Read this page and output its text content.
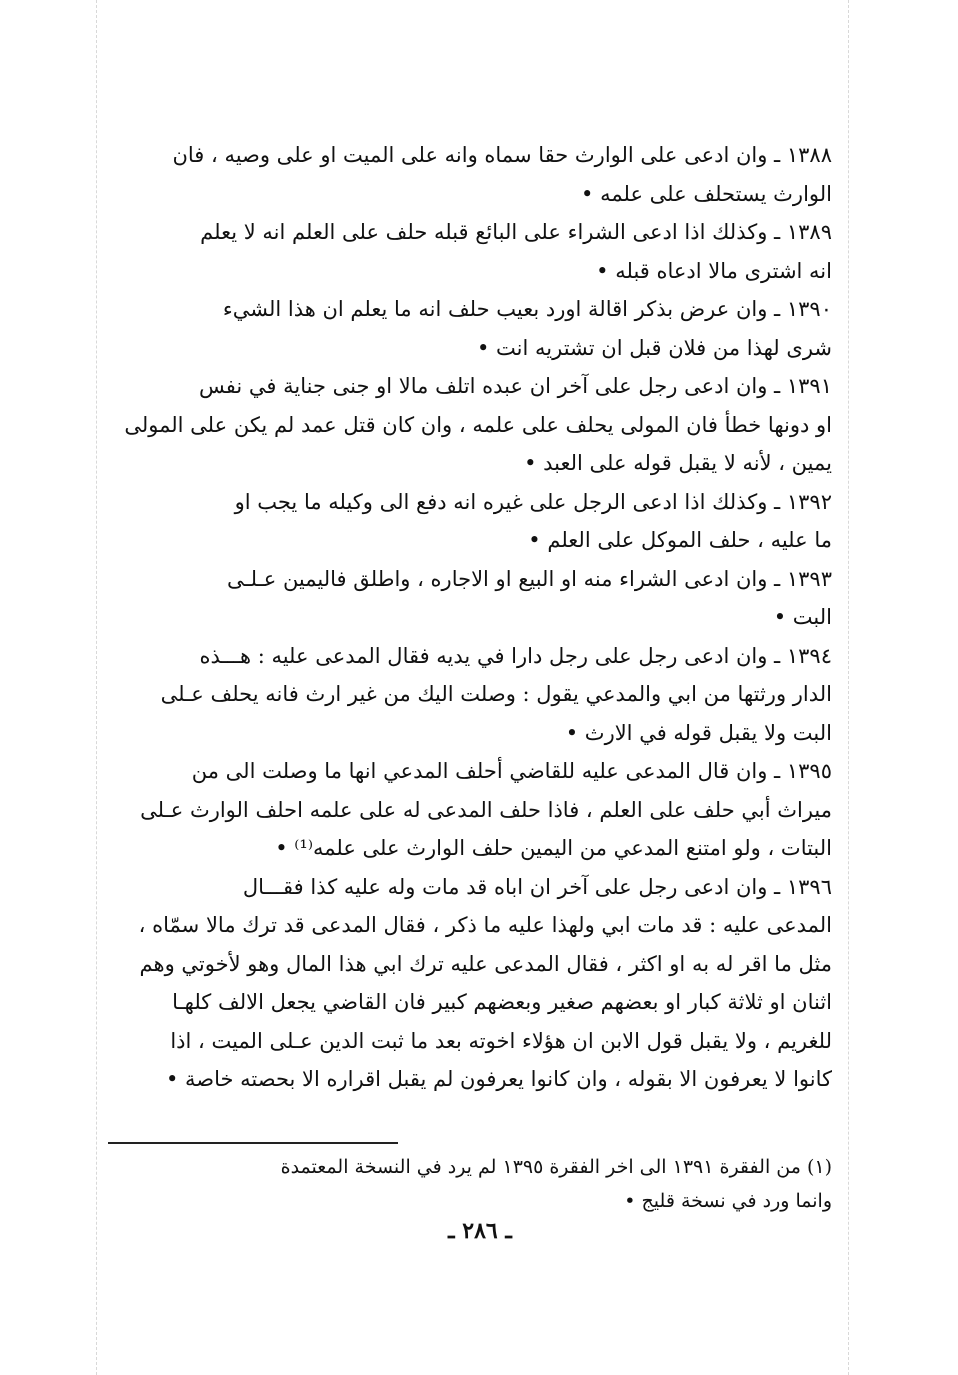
١٣٨٨ ـ وان ادعى على الوارث حقا سماه وانه على الميت او على وصيه ، فان
الوارث يستحلف على علمه •
١٣٨٩ ـ وكذلك اذا ادعى الشراء على البائع قبله حلف على العلم انه لا يعلم
انه اشترى مالا ادعاه قبله •
١٣٩٠ ـ وان عرض بذكر اقالة اورد بعيب حلف انه ما يعلم ان هذا الشيء
شرى لهذا من فلان قبل ان تشتريه انت •
١٣٩١ ـ وان ادعى رجل على آخر ان عبده اتلف مالا او جنى جناية في نفس
او دونها خطأ فان المولى يحلف على علمه ، وان كان قتل عمد لم يكن على المولى
يمين ، لأنه لا يقبل قوله على العبد •
١٣٩٢ ـ وكذلك اذا ادعى الرجل على غيره انه دفع الى وكيله ما يجب او
ما عليه ، حلف الموكل على العلم •
١٣٩٣ ـ وان ادعى الشراء منه او البيع او الاجاره ، واطلق فاليمين عـلـى
البت •
١٣٩٤ ـ وان ادعى رجل على رجل دارا في يديه فقال المدعى عليه : هـــذه
الدار ورثتها من ابي والمدعي يقول : وصلت اليك من غير ارث فانه يحلف عـلى
البت ولا يقبل قوله في الارث •
١٣٩٥ ـ وان قال المدعى عليه للقاضي أحلف المدعي انها ما وصلت الى من
ميراث أبي حلف على العلم ، فاذا حلف المدعى له على علمه احلف الوارث عـلى
البتات ، ولو امتنع المدعي من اليمين حلف الوارث على علمه⁽¹⁾ •
١٣٩٦ ـ وان ادعى رجل على آخر ان اباه قد مات وله عليه كذا فقـــال
المدعى عليه : قد مات ابي ولهذا عليه ما ذكر ، فقال المدعى قد ترك مالا سمّاه ،
مثل ما اقر له به او اكثر ، فقال المدعى عليه ترك ابي هذا المال وهو لأخوتي وهم
اثنان او ثلاثة كبار او بعضهم صغير وبعضهم كبير فان القاضي يجعل الالف كلهـا
للغريم ، ولا يقبل قول الابن ان هؤلاء اخوته بعد ما ثبت الدين عـلى الميت ، اذا
كانوا لا يعرفون الا بقوله ، وان كانوا يعرفون لم يقبل اقراره الا بحصته خاصة •
(١) من الفقرة ١٣٩١ الى اخر الفقرة ١٣٩٥ لم يرد في النسخة المعتمدة
وانما ورد في نسخة قليج •
ـ ٢٨٦ ـ
